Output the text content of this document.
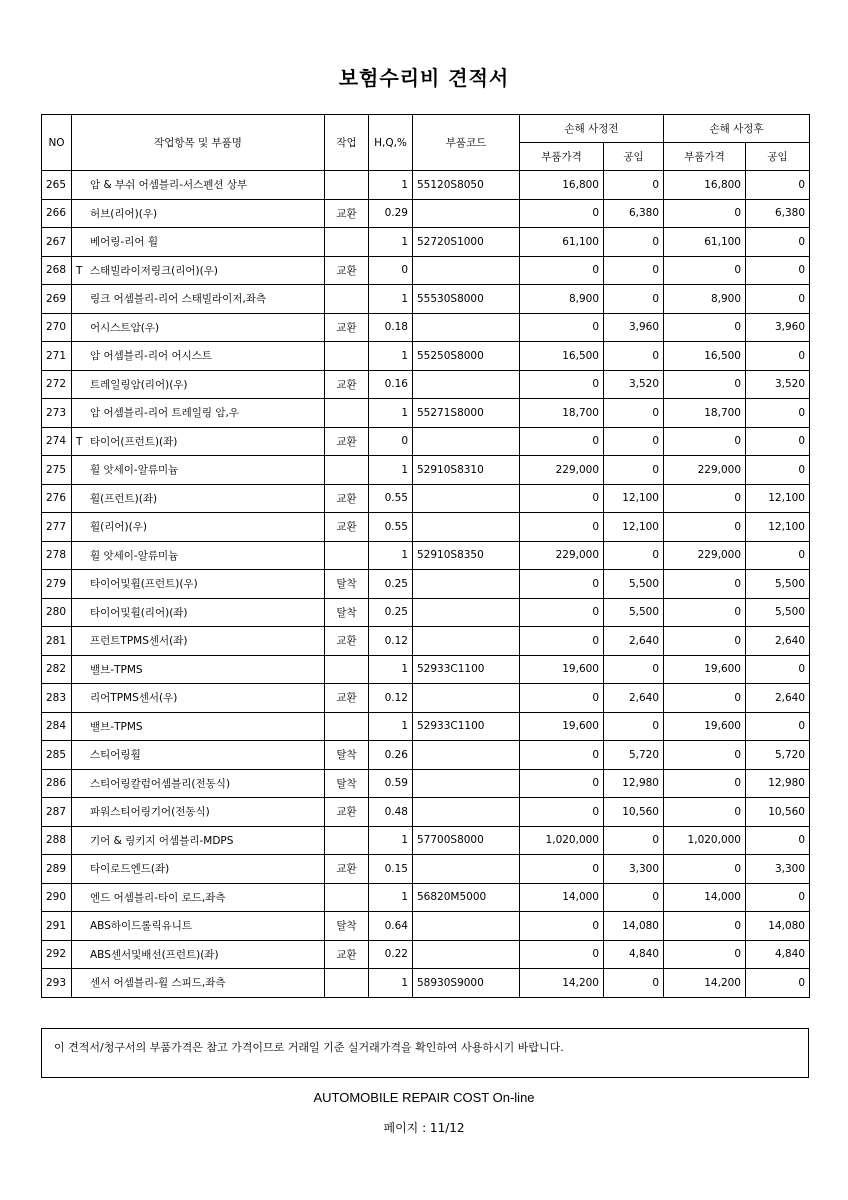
보험수리비 견적서
NO	작업항목 및 부품명	작업	H,Q,%	부품코드	손해 사정전		손해 사정후	
					부품가격	공임	부품가격	공임
265	암 & 부쉬 어셈블리-서스펜션 상부		1	55120S8050	16,800	0	16,800	0
266	허브(리어)(우)	교환	0.29		0	6,380	0	6,380
267	베어링-리어 휠		1	52720S1000	61,100	0	61,100	0
268	T 스태빌라이저링크(리어)(우)	교환	0		0	0	0	0
269	링크 어셈블리-리어 스태빌라이저,좌측		1	55530S8000	8,900	0	8,900	0
270	어시스트암(우)	교환	0.18		0	3,960	0	3,960
271	암 어셈블리-리어 어시스트		1	55250S8000	16,500	0	16,500	0
272	트레일링암(리어)(우)	교환	0.16		0	3,520	0	3,520
273	암 어셈블리-리어 트레일링 암,우		1	55271S8000	18,700	0	18,700	0
274	T 타이어(프런트)(좌)	교환	0		0	0	0	0
275	휠 앗세이-알류미늄		1	52910S8310	229,000	0	229,000	0
276	휠(프런트)(좌)	교환	0.55		0	12,100	0	12,100
277	휠(리어)(우)	교환	0.55		0	12,100	0	12,100
278	휠 앗세이-알류미늄		1	52910S8350	229,000	0	229,000	0
279	타이어및휠(프런트)(우)	탈착	0.25		0	5,500	0	5,500
280	타이어및휠(리어)(좌)	탈착	0.25		0	5,500	0	5,500
281	프런트TPMS센서(좌)	교환	0.12		0	2,640	0	2,640
282	밸브-TPMS		1	52933C1100	19,600	0	19,600	0
283	리어TPMS센서(우)	교환	0.12		0	2,640	0	2,640
284	밸브-TPMS		1	52933C1100	19,600	0	19,600	0
285	스티어링휠	탈착	0.26		0	5,720	0	5,720
286	스티어링칼럼어셈블리(전동식)	탈착	0.59		0	12,980	0	12,980
287	파워스티어링기어(전동식)	교환	0.48		0	10,560	0	10,560
288	기어 & 링키지 어셈블리-MDPS		1	57700S8000	1,020,000	0	1,020,000	0
289	타이로드엔드(좌)	교환	0.15		0	3,300	0	3,300
290	엔드 어셈블리-타이 로드,좌측		1	56820M5000	14,000	0	14,000	0
291	ABS하이드롤릭유니트	탈착	0.64		0	14,080	0	14,080
292	ABS센서및배선(프런트)(좌)	교환	0.22		0	4,840	0	4,840
293	센서 어셈블리-휠 스피드,좌측		1	58930S9000	14,200	0	14,200	0
이 견적서/청구서의 부품가격은 참고 가격이므로 거래일 기준 실거래가격을 확인하여 사용하시기 바랍니다.
AUTOMOBILE REPAIR COST On-line
페이지 : 11/12
